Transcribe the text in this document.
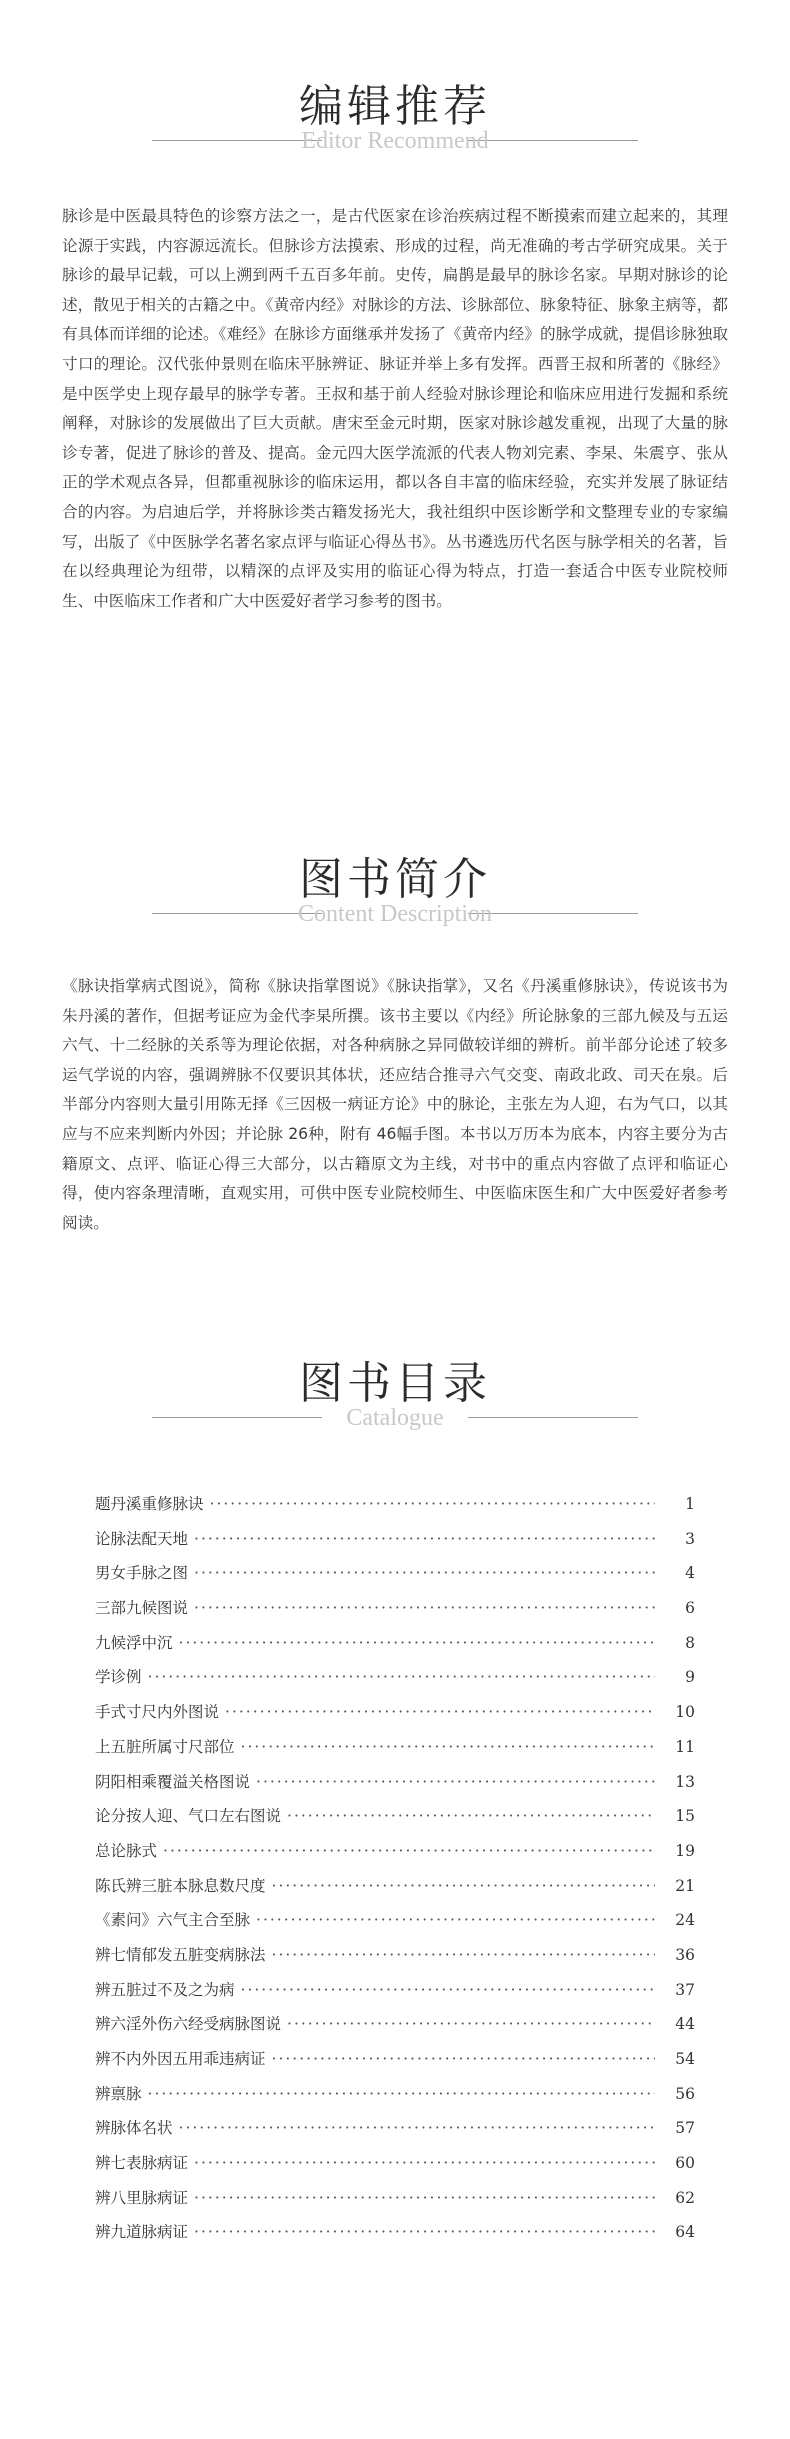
编辑推荐
Editor Recommend

脉诊是中医最具特色的诊察方法之一，是古代医家在诊治疾病过程不断摸索而建立起来的，其理论源于实践，内容源远流长。但脉诊方法摸索、形成的过程，尚无准确的考古学研究成果。关于脉诊的最早记载，可以上溯到两千五百多年前。史传，扁鹊是最早的脉诊名家。早期对脉诊的论述，散见于相关的古籍之中。《黄帝内经》对脉诊的方法、诊脉部位、脉象特征、脉象主病等，都有具体而详细的论述。《难经》在脉诊方面继承并发扬了《黄帝内经》的脉学成就，提倡诊脉独取寸口的理论。汉代张仲景则在临床平脉辨证、脉证并举上多有发挥。西晋王叔和所著的《脉经》是中医学史上现存最早的脉学专著。王叔和基于前人经验对脉诊理论和临床应用进行发掘和系统阐释，对脉诊的发展做出了巨大贡献。唐宋至金元时期，医家对脉诊越发重视，出现了大量的脉诊专著，促进了脉诊的普及、提高。金元四大医学流派的代表人物刘完素、李杲、朱震亨、张从正的学术观点各异，但都重视脉诊的临床运用，都以各自丰富的临床经验，充实并发展了脉证结合的内容。为启迪后学，并将脉诊类古籍发扬光大，我社组织中医诊断学和文整理专业的专家编写，出版了《中医脉学名著名家点评与临证心得丛书》。丛书遴选历代名医与脉学相关的名著，旨在以经典理论为纽带，以精深的点评及实用的临证心得为特点，打造一套适合中医专业院校师生、中医临床工作者和广大中医爱好者学习参考的图书。

图书简介
Content Description

《脉诀指掌病式图说》，简称《脉诀指掌图说》《脉诀指掌》，又名《丹溪重修脉诀》，传说该书为朱丹溪的著作，但据考证应为金代李杲所撰。该书主要以《内经》所论脉象的三部九候及与五运六气、十二经脉的关系等为理论依据，对各种病脉之异同做较详细的辨析。前半部分论述了较多运气学说的内容，强调辨脉不仅要识其体状，还应结合推寻六气交变、南政北政、司天在泉。后半部分内容则大量引用陈无择《三因极一病证方论》中的脉论，主张左为人迎，右为气口，以其应与不应来判断内外因；并论脉 26种，附有 46幅手图。本书以万历本为底本，内容主要分为古籍原文、点评、临证心得三大部分，以古籍原文为主线，对书中的重点内容做了点评和临证心得，使内容条理清晰，直观实用，可供中医专业院校师生、中医临床医生和广大中医爱好者参考阅读。

图书目录
Catalogue
题丹溪重修脉诀 ·····	1
论脉法配天地 ·····	3
男女手脉之图 ·····	4
三部九候图说 ·····	6
九候浮中沉 ·····	8
学诊例 ·····	9
手式寸尺内外图说 ·····	10
上五脏所属寸尺部位 ·····	11
阴阳相乘覆溢关格图说 ·····	13
论分按人迎、气口左右图说 ·····	15
总论脉式 ·····	19
陈氏辨三脏本脉息数尺度 ·····	21
《素问》六气主合至脉 ·····	24
辨七情郁发五脏变病脉法 ·····	36
辨五脏过不及之为病 ·····	37
辨六淫外伤六经受病脉图说 ·····	44
辨不内外因五用乖违病证 ·····	54
辨禀脉 ·····	56
辨脉体名状 ·····	57
辨七表脉病证 ·····	60
辨八里脉病证 ·····	62
辨九道脉病证 ·····	64
